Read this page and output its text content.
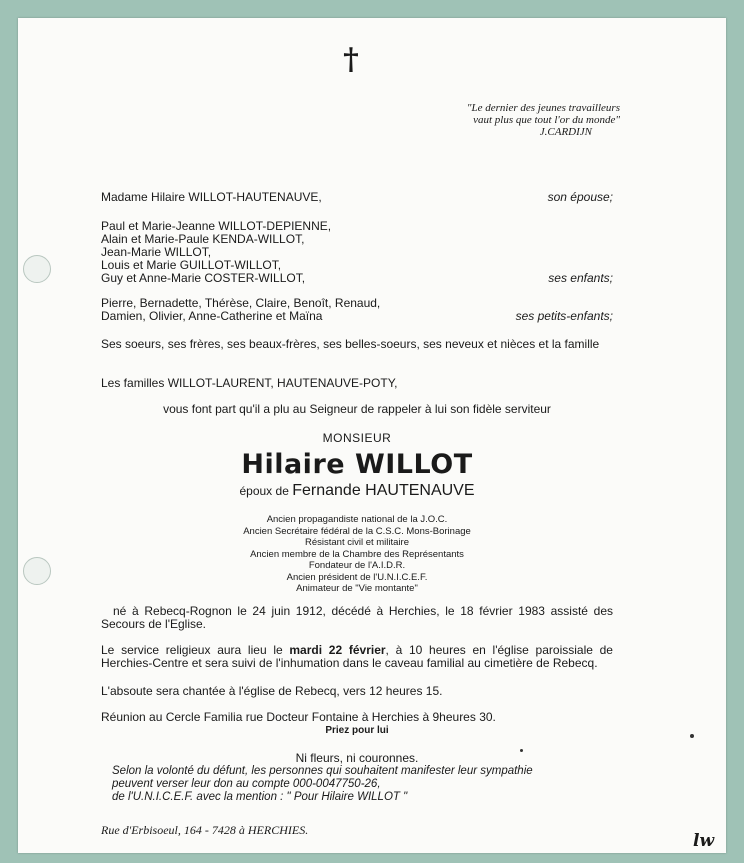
†
"Le dernier des jeunes travailleurs
vaut plus que tout l'or du monde"
J.CARDIJN
Madame Hilaire WILLOT-HAUTENAUVE,	son épouse;
Paul et Marie-Jeanne WILLOT-DEPIENNE,
Alain et Marie-Paule KENDA-WILLOT,
Jean-Marie WILLOT,
Louis et Marie GUILLOT-WILLOT,
Guy et Anne-Marie COSTER-WILLOT,	ses enfants;
Pierre, Bernadette, Thérèse, Claire, Benoît, Renaud,
Damien, Olivier, Anne-Catherine et Maïna	ses petits-enfants;
Ses soeurs, ses frères, ses beaux-frères, ses belles-soeurs, ses neveux et nièces et la famille
Les familles WILLOT-LAURENT, HAUTENAUVE-POTY,
vous font part qu'il a plu au Seigneur de rappeler à lui son fidèle serviteur
MONSIEUR
Hilaire WILLOT
époux de Fernande HAUTENAUVE
Ancien propagandiste national de la J.O.C.
Ancien Secrétaire fédéral de la C.S.C. Mons-Borinage
Résistant civil et militaire
Ancien membre de la Chambre des Représentants
Fondateur de l'A.I.D.R.
Ancien président de l'U.N.I.C.E.F.
Animateur de "Vie montante"
né à Rebecq-Rognon le 24 juin 1912, décédé à Herchies, le 18 février 1983 assisté des Secours de l'Eglise.
Le service religieux aura lieu le mardi 22 février, à 10 heures en l'église paroissiale de Herchies-Centre et sera suivi de l'inhumation dans le caveau familial au cimetière de Rebecq.
L'absoute sera chantée à l'église de Rebecq, vers 12 heures 15.
Réunion au Cercle Familia rue Docteur Fontaine à Herchies à 9heures 30.
Priez pour lui
Ni fleurs, ni couronnes.
Selon la volonté du défunt, les personnes qui souhaitent manifester leur sympathie
peuvent verser leur don au compte 000-0047750-26,
de l'U.N.I.C.E.F. avec la mention : " Pour Hilaire WILLOT "
Rue d'Erbisoeul, 164 - 7428 à HERCHIES.
lw
